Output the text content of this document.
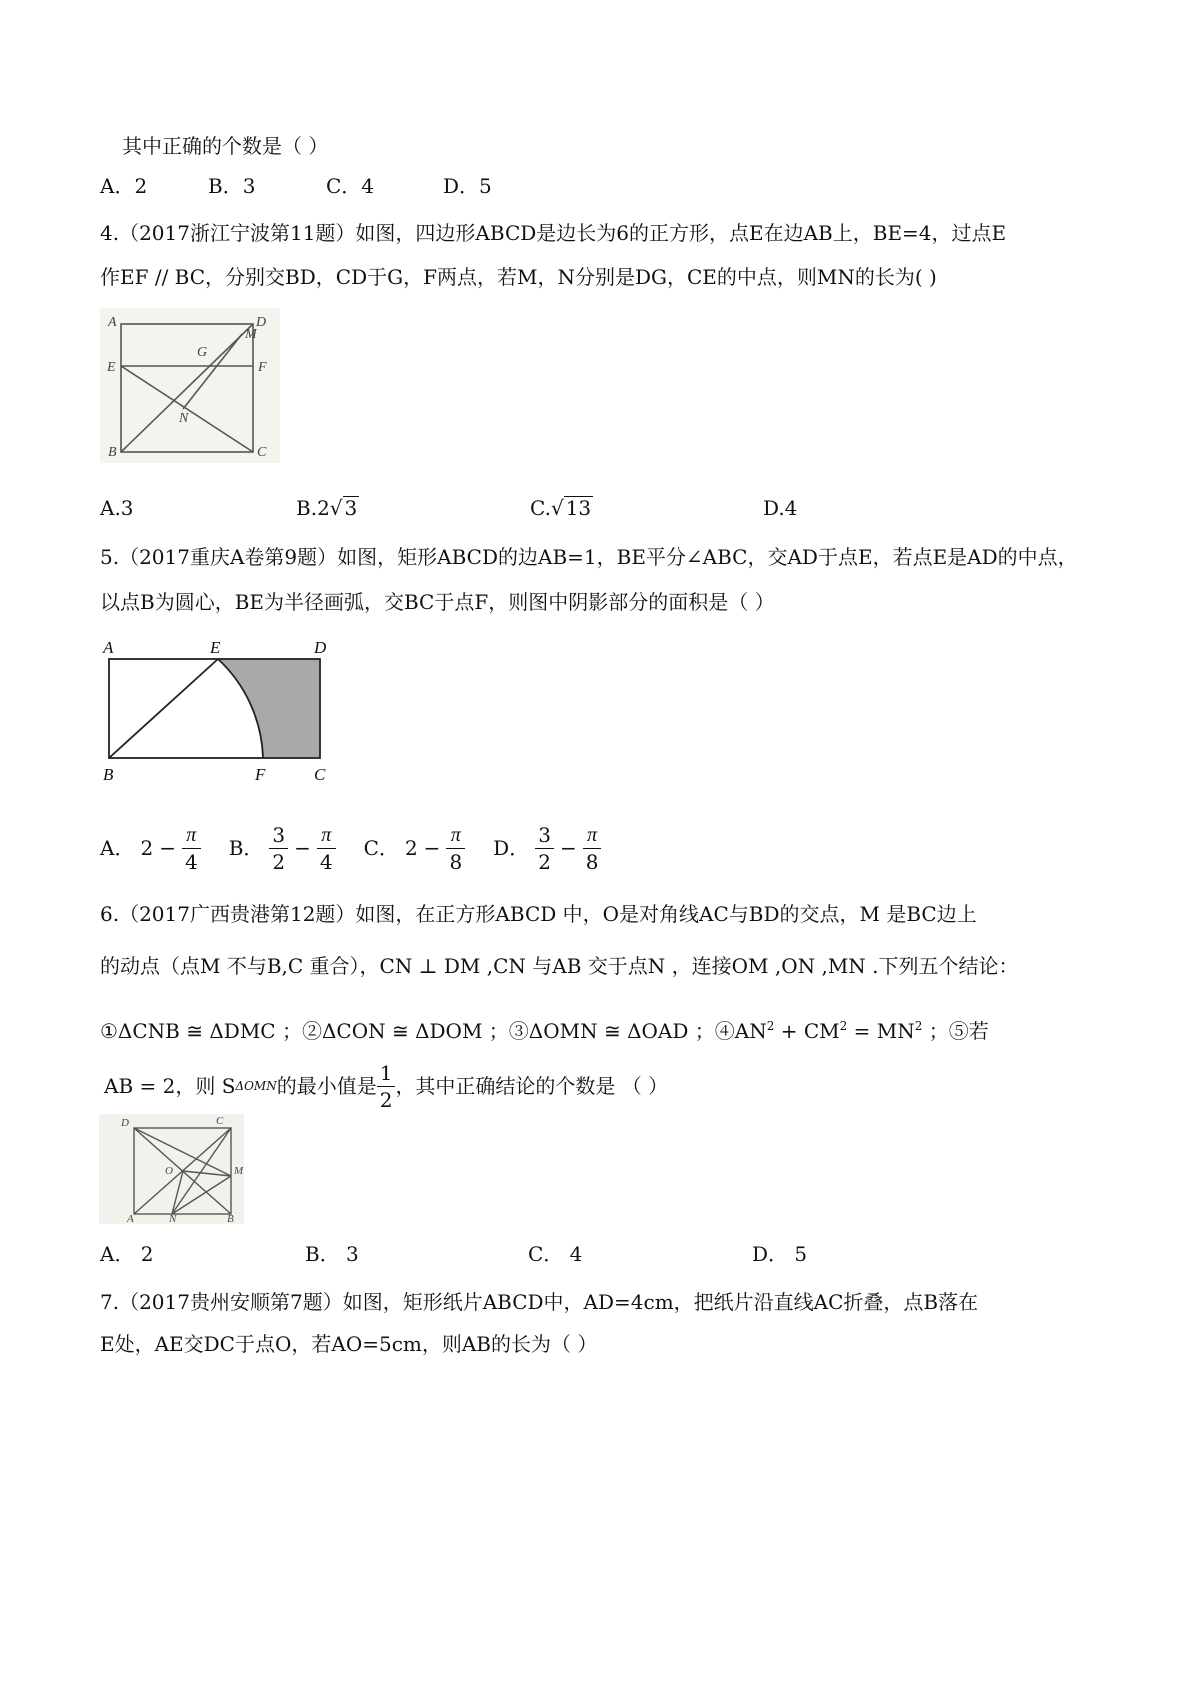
其中正确的个数是（ ）
A．2	B．3	C．4	D．5
4.（2017浙江宁波第11题）如图，四边形ABCD是边长为6的正方形，点E在边AB上，BE=4，过点E
作EF // BC，分别交BD，CD于G，F两点，若M，N分别是DG，CE的中点，则MN的长为( )
A	D
M
G
E	F
N
B	C
A.3	B.2√ 3	C.√ 13	D.4
5.（2017重庆A卷第9题）如图，矩形ABCD的边AB=1，BE平分∠ABC，交AD于点E，若点E是AD的中点，
以点B为圆心，BE为半径画弧，交BC于点F，则图中阴影部分的面积是（ ）
A	E	D
B	F	C
A． $2 - \frac{\pi}{4}$ B． $\frac{3}{2} - \frac{\pi}{4}$ C． $2 - \frac{\pi}{8}$ D． $\frac{3}{2} - \frac{\pi}{8}$
6.（2017广西贵港第12题）如图，在正方形ABCD 中，O是对角线AC与BD的交点，M 是BC边上
的动点（点M 不与B,C 重合），CN ⊥ DM ,CN 与AB 交于点N ，连接OM ,ON ,MN .下列五个结论：
①ΔCNB ≅ ΔDMC ；②ΔCON ≅ ΔDOM ；③ΔOMN ≅ ΔOAD ；$④AN^2 + CM^2 = MN^2$ ；⑤若
AB = 2，则 S ΔOMN 的最小值是 $\frac{1}{2}$ ，其中正确结论的个数是 （ ）
D	C
O	M
A	N	B
A． 2	B． 3	C． 4	D． 5
7.（2017贵州安顺第7题）如图，矩形纸片ABCD中，AD=4cm，把纸片沿直线AC折叠，点B落在
E处，AE交DC于点O，若AO=5cm，则AB的长为（ ）
